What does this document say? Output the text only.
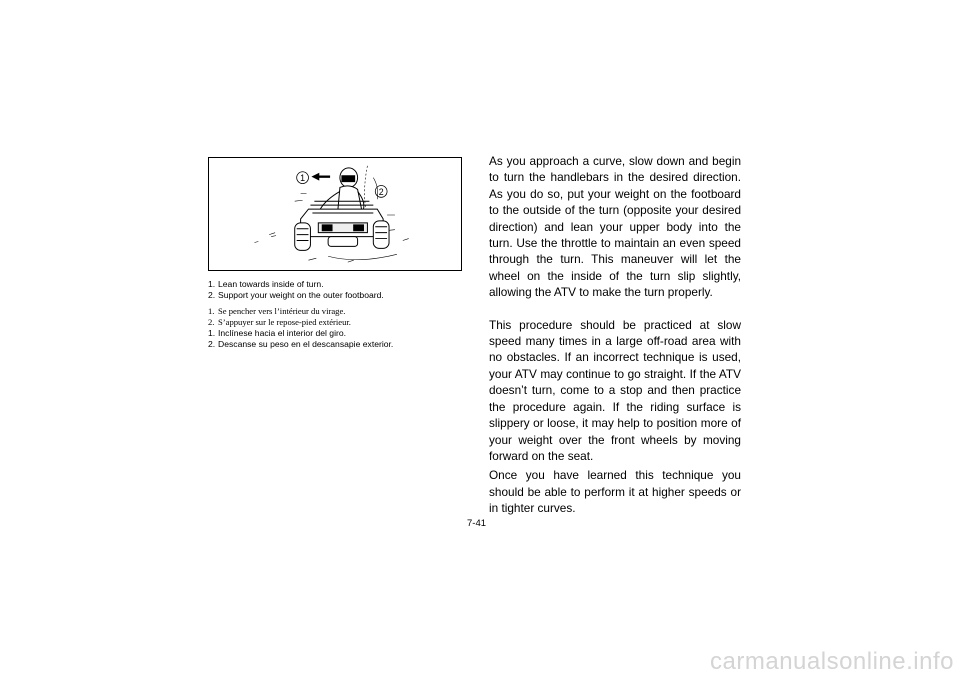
1
2
1. Lean towards inside of turn.
2. Support your weight on the outer footboard.
1. Se pencher vers l’intérieur du virage.
2. S’appuyer sur le repose-pied extérieur.
1. Inclínese hacia el interior del giro.
2. Descanse su peso en el descansapie exterior.

As you approach a curve, slow down and begin to turn the handlebars in the desired direction. As you do so, put your weight on the footboard to the outside of the turn (opposite your desired direction) and lean your upper body into the turn. Use the throttle to maintain an even speed through the turn. This maneuver will let the wheel on the inside of the turn slip slightly, allowing the ATV to make the turn properly.

This procedure should be practiced at slow speed many times in a large off-road area with no obstacles. If an incorrect technique is used, your ATV may continue to go straight. If the ATV doesn’t turn, come to a stop and then practice the procedure again. If the riding surface is slippery or loose, it may help to position more of your weight over the front wheels by moving forward on the seat.

Once you have learned this technique you should be able to perform it at higher speeds or in tighter curves.

7-41
carmanualsonline.info
